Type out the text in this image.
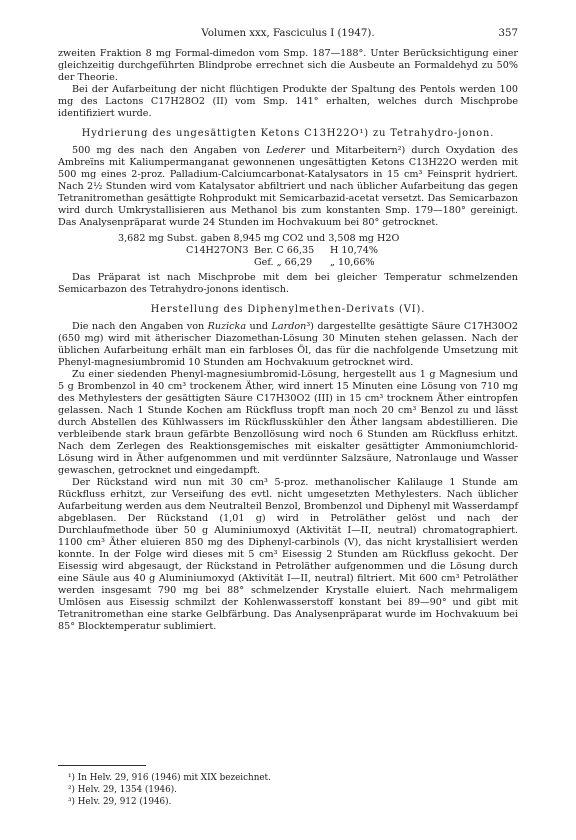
Volumen xxx, Fasciculus I (1947).	357

zweiten Fraktion 8 mg Formal-dimedon vom Smp. 187—188°. Unter Berücksichtigung einer gleichzeitig durchgeführten Blindprobe errechnet sich die Ausbeute an Formaldehyd zu 50% der Theorie.

Bei der Aufarbeitung der nicht flüchtigen Produkte der Spaltung des Pentols werden 100 mg des Lactons C17H28O2 (II) vom Smp. 141° erhalten, welches durch Mischprobe identifiziert wurde.

Hydrierung des ungesättigten Ketons C13H22O¹) zu Tetrahydro-jonon.

500 mg des nach den Angaben von Lederer und Mitarbeitern²) durch Oxydation des Ambreïns mit Kaliumpermanganat gewonnenen ungesättigten Ketons C13H22O werden mit 500 mg eines 2-proz. Palladium-Calciumcarbonat-Katalysators in 15 cm³ Feinsprit hydriert. Nach 2½ Stunden wird vom Katalysator abfiltriert und nach üblicher Aufarbeitung das gegen Tetranitromethan gesättigte Rohprodukt mit Semicarbazid-acetat versetzt. Das Semicarbazon wird durch Umkrystallisieren aus Methanol bis zum konstanten Smp. 179—180° gereinigt. Das Analysenpräparat wurde 24 Stunden im Hochvakuum bei 80° getrocknet.

3,682 mg Subst. gaben 8,945 mg CO2 und 3,508 mg H2O
C14H27ON3 Ber. C 66,35 H 10,74%
Gef. „ 66,29 „ 10,66%

Das Präparat ist nach Mischprobe mit dem bei gleicher Temperatur schmelzenden Semicarbazon des Tetrahydro-jonons identisch.

Herstellung des Diphenylmethen-Derivats (VI).

Die nach den Angaben von Ruzicka und Lardon³) dargestellte gesättigte Säure C17H30O2 (650 mg) wird mit ätherischer Diazomethan-Lösung 30 Minuten stehen gelassen. Nach der üblichen Aufarbeitung erhält man ein farbloses Öl, das für die nachfolgende Umsetzung mit Phenyl-magnesiumbromid 10 Stunden am Hochvakuum getrocknet wird.

Zu einer siedenden Phenyl-magnesiumbromid-Lösung, hergestellt aus 1 g Magnesium und 5 g Brombenzol in 40 cm³ trockenem Äther, wird innert 15 Minuten eine Lösung von 710 mg des Methylesters der gesättigten Säure C17H30O2 (III) in 15 cm³ trocknem Äther eintropfen gelassen. Nach 1 Stunde Kochen am Rückfluss tropft man noch 20 cm³ Benzol zu und lässt durch Abstellen des Kühlwassers im Rückflusskühler den Äther langsam abdestillieren. Die verbleibende stark braun gefärbte Benzollösung wird noch 6 Stunden am Rückfluss erhitzt. Nach dem Zerlegen des Reaktionsgemisches mit eiskalter gesättigter Ammoniumchlorid-Lösung wird in Äther aufgenommen und mit verdünnter Salzsäure, Natronlauge und Wasser gewaschen, getrocknet und eingedampft.

Der Rückstand wird nun mit 30 cm³ 5-proz. methanolischer Kalilauge 1 Stunde am Rückfluss erhitzt, zur Verseifung des evtl. nicht umgesetzten Methylesters. Nach üblicher Aufarbeitung werden aus dem Neutralteil Benzol, Brombenzol und Diphenyl mit Wasserdampf abgeblasen. Der Rückstand (1,01 g) wird in Petroläther gelöst und nach der Durchlaufmethode über 50 g Aluminiumoxyd (Aktivität I—II, neutral) chromatographiert. 1100 cm³ Äther eluieren 850 mg des Diphenyl-carbinols (V), das nicht krystallisiert werden konnte. In der Folge wird dieses mit 5 cm³ Eisessig 2 Stunden am Rückfluss gekocht. Der Eisessig wird abgesaugt, der Rückstand in Petroläther aufgenommen und die Lösung durch eine Säule aus 40 g Aluminiumoxyd (Aktivität I—II, neutral) filtriert. Mit 600 cm³ Petroläther werden insgesamt 790 mg bei 88° schmelzender Krystalle eluiert. Nach mehrmaligem Umlösen aus Eisessig schmilzt der Kohlenwasserstoff konstant bei 89—90° und gibt mit Tetranitromethan eine starke Gelbfärbung. Das Analysenpräparat wurde im Hochvakuum bei 85° Blocktemperatur sublimiert.

¹) In Helv. 29, 916 (1946) mit XIX bezeichnet.
²) Helv. 29, 1354 (1946).
³) Helv. 29, 912 (1946).
